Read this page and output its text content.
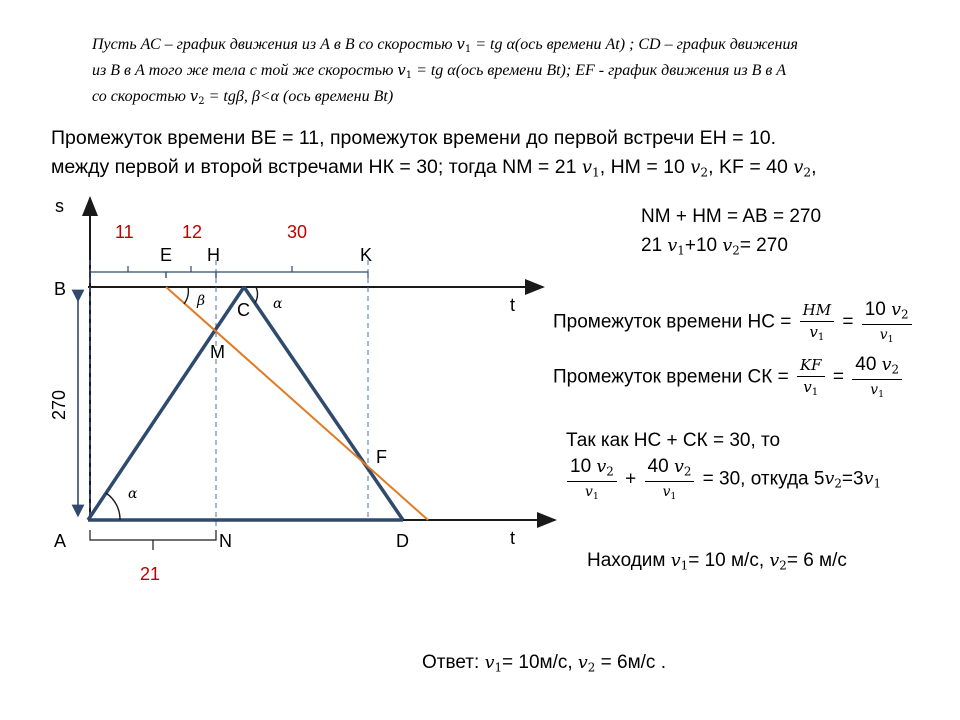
Пусть АС – график движения из А в В со скоростью $v_1$ = tg α(ось времени Аt) ; CD – график движения
из В в А того же тела с той же скоростью $v_1$ = tg α(ось времени Bt); EF - график движения из В в А
со скоростью $v_2 = tg\beta$, β<α (ось времени Bt)
Промежуток времени ВЕ = 11, промежуток времени до первой встречи ЕН = 10.
между первой и второй встречами НК = 30; тогда NM = 21 $v_1$, HM = 10 $v_2$, KF = 40 $v_2$,
s
t
t
B
A	N	D
C
M
F
E H	K
11	12	30
21
270
α
α
β
NM + HM = AB = 270
21 $v_1+10$ $v_2= 270$
Промежуток времени НС = $\frac{HM}{v_1} = \frac{10 v_2}{v_1}$
Промежуток времени СК = $\frac{KF}{v_1} = \frac{40 v_2}{v_1}$
Так как НС + СК = 30, то
$\frac{10 v_2}{v_1} + \frac{40 v_2}{v_1} = 30$, откуда $5v_2=3v_1$
Находим $v_1= 10$ м/с, $v_2= 6$ м/с
Ответ: $v_1= 10м/с$, $v_2 = 6м/с$ .
